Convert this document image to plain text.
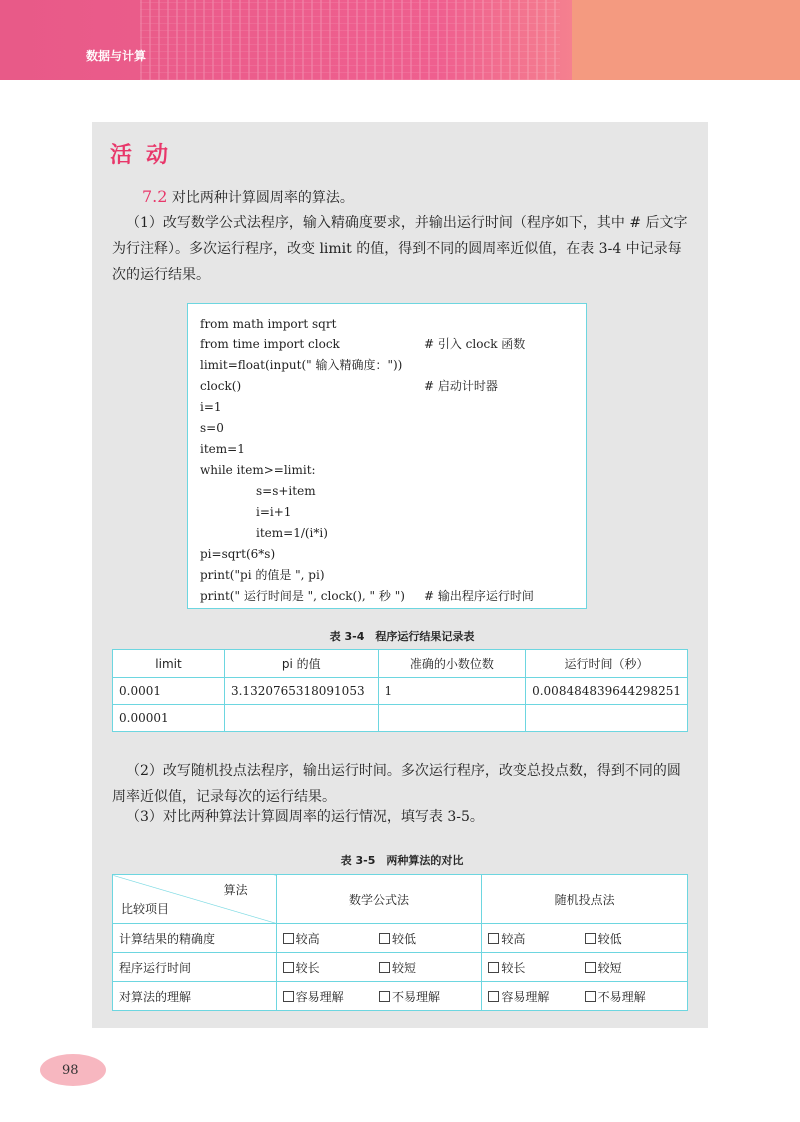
数据与计算
活动
7.2 对比两种计算圆周率的算法。
（1）改写数学公式法程序，输入精确度要求，并输出运行时间（程序如下，其中 # 后文字为行注释）。多次运行程序，改变 limit 的值，得到不同的圆周率近似值，在表 3-4 中记录每次的运行结果。
from math import sqrt
from time import clock	# 引入 clock 函数
limit=float(input(" 输入精确度："))
clock()	# 启动计时器
i=1
s=0
item=1
while item>=limit:
s=s+item
i=i+1
item=1/(i*i)
pi=sqrt(6*s)
print("pi 的值是 ", pi)
print(" 运行时间是 ", clock(), " 秒 ") # 输出程序运行时间
表 3-4　程序运行结果记录表
limit	pi 的值	准确的小数位数	运行时间（秒）
0.0001	3.1320765318091053	1	0.008484839644298251
0.00001			
（2）改写随机投点法程序，输出运行时间。多次运行程序，改变总投点数，得到不同的圆周率近似值，记录每次的运行结果。
（3）对比两种算法计算圆周率的运行情况，填写表 3-5。
表 3-5　两种算法的对比
算法
比较项目	数学公式法	随机投点法
计算结果的精确度	较高 较低	较高 较低
程序运行时间	较长 较短	较长 较短
对算法的理解	容易理解 不易理解	容易理解 不易理解
98
